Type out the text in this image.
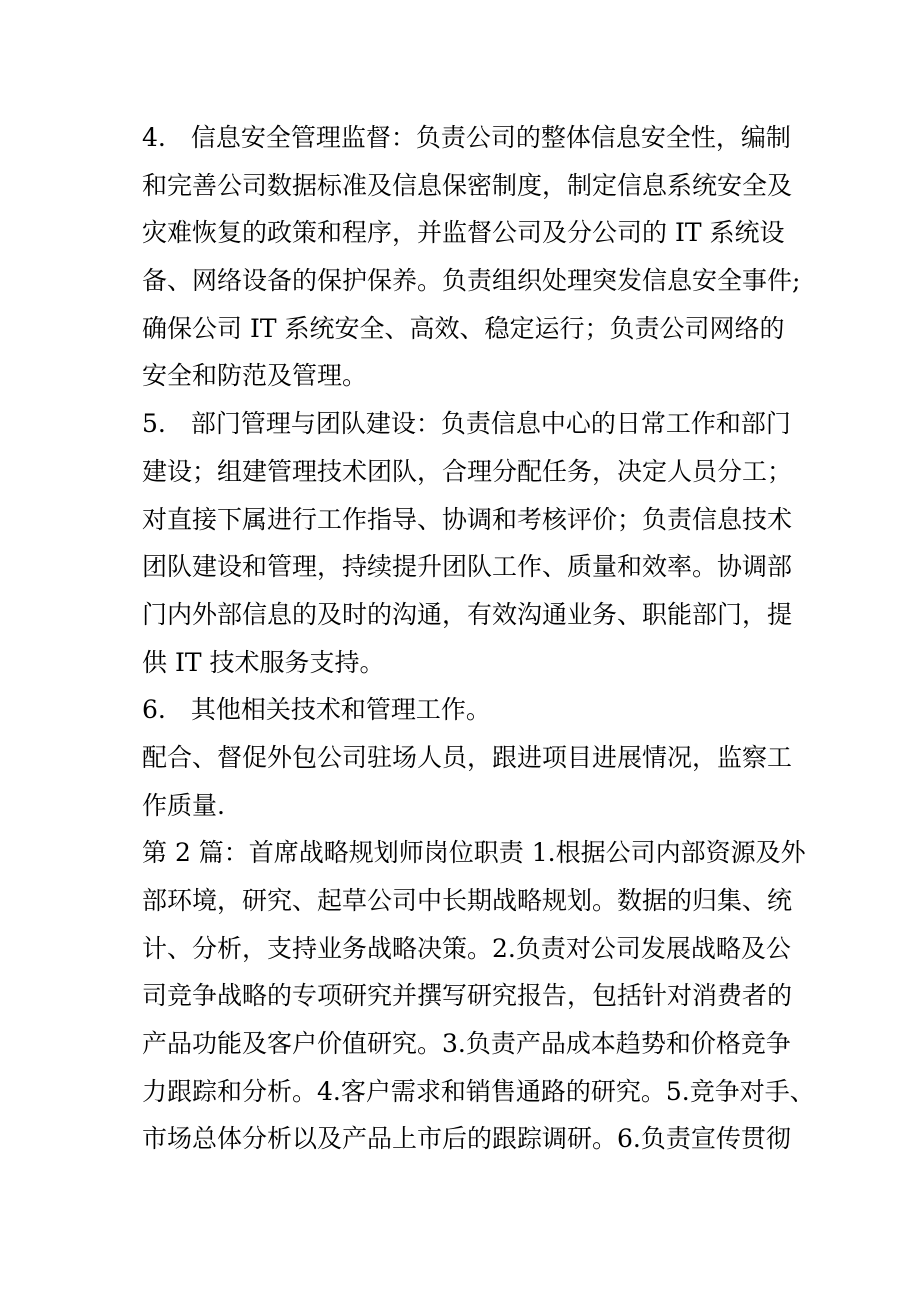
4.　信息安全管理监督：负责公司的整体信息安全性，编制

和完善公司数据标准及信息保密制度，制定信息系统安全及

灾难恢复的政策和程序，并监督公司及分公司的 IT 系统设

备、网络设备的保护保养。负责组织处理突发信息安全事件;

确保公司 IT 系统安全、高效、稳定运行；负责公司网络的

安全和防范及管理。

5.　部门管理与团队建设：负责信息中心的日常工作和部门

建设；组建管理技术团队，合理分配任务，决定人员分工；

对直接下属进行工作指导、协调和考核评价；负责信息技术

团队建设和管理，持续提升团队工作、质量和效率。协调部

门内外部信息的及时的沟通，有效沟通业务、职能部门，提

供 IT 技术服务支持。

6.　其他相关技术和管理工作。

配合、督促外包公司驻场人员，跟进项目进展情况，监察工

作质量.

第 2 篇：首席战略规划师岗位职责 1.根据公司内部资源及外

部环境，研究、起草公司中长期战略规划。数据的归集、统

计、分析，支持业务战略决策。2.负责对公司发展战略及公

司竞争战略的专项研究并撰写研究报告，包括针对消费者的

产品功能及客户价值研究。3.负责产品成本趋势和价格竞争

力跟踪和分析。4.客户需求和销售通路的研究。5.竞争对手、

市场总体分析以及产品上市后的跟踪调研。6.负责宣传贯彻
